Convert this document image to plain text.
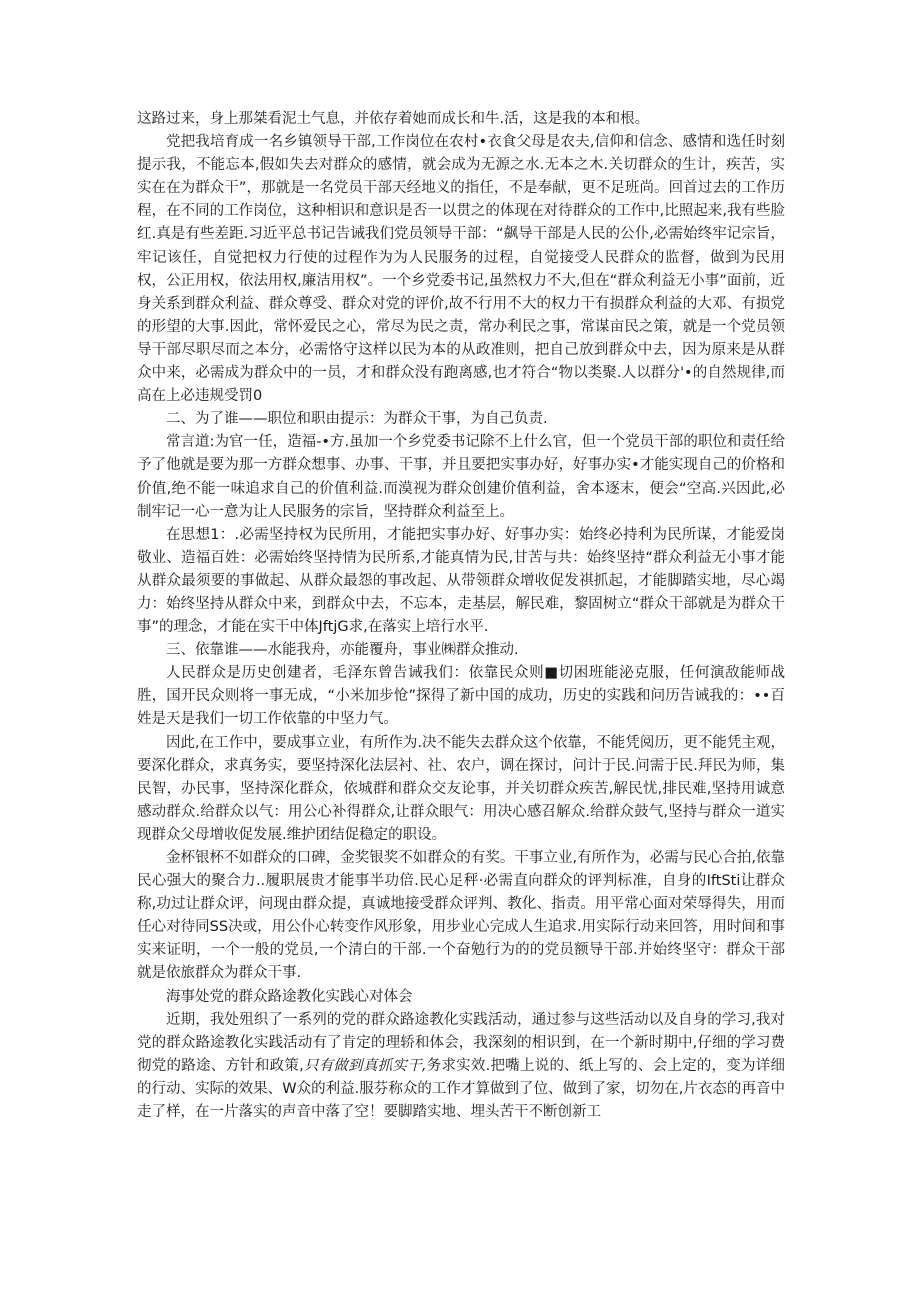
这路过来，身上那桀看泥土气息，并依存着她而成长和牛.活，这是我的本和根。

党把我培育成一名乡镇领导干部,工作岗位在农村•衣食父母是农夫,信仰和信念、感情和选任时刻提示我，不能忘本,假如失去对群众的感情，就会成为无源之水.无本之木.关切群众的生计，疾苦，实实在在为群众干”，那就是一名党员干部天经地义的指任，不是奉献，更不足班尚。回首过去的工作历程，在不同的工作岗位，这种相识和意识是否一以贯之的体现在对待群众的工作中,比照起来,我有些脸红.真是有些差距.习近平总书记告诫我们党员领导干部：“飙导干部是人民的公仆,必需始终牢记宗旨，牢记该任，自觉把权力行使的过程作为为人民服务的过程，自觉接受人民群众的监督，做到为民用权，公正用权，依法用权,廉洁用权”。一个乡党委书记,虽然权力不大,但在“群众利益无小事”面前，近身关系到群众利益、群众尊受、群众对党的评价,故不行用不大的权力干有损群众利益的大邓、有损党的形望的大事.因此，常怀爱民之心，常尽为民之责，常办利民之事，常谋亩民之策，就是一个党员领导干部尽职尽而之本分，必需恪守这样以民为本的从政准则，把自己放到群众中去，因为原来是从群众中来，必需成为群众中的一员，才和群众没有跑离感,也才符合“物以类聚.人以群分'•的自然规律,而高在上必违规受罚0

二、为了谁——职位和职由提示：为群众干事，为自己负责.

常言道:为官一任，造福-•方.虽加一个乡党委书记除不上什么官，但一个党员干部的职位和责任给予了他就是要为那一方群众想事、办事、干事，并且要把实事办好，好事办实•才能实现自己的价格和价值,绝不能一味追求自己的价值利益.而漠视为群众创建价值利益，舍本逐末，便会“空高.兴因此,必制牢记一心一意为让人民服务的宗旨，坚持群众利益至上。

在思想1：.必需坚持权为民所用，才能把实事办好、好事办实：始终必持利为民所谋，才能爱岗敬业、造福百姓：必需始终坚持情为民所系,才能真情为民,甘苦与共：始终坚持“群众利益无小事才能从群众最须要的事做起、从群众最怨的事改起、从带领群众增收促发祺抓起，才能脚踏实地，尽心竭力：始终坚持从群众中来，到群众中去，不忘本，走基层，解民难，黎固树立“群众干部就是为群众干事”的理念，才能在实干中体JftjG求,在落实上培行水平.

三、依靠谁——水能我舟，亦能覆舟，事业㈱群众推动.

人民群众是历史创建者，毛泽东曾告诫我们：依靠民众则■切困班能泌克服，任何演敌能师战胜，国开民众则将一事无成，“小米加步怆”探得了新中国的成功，历史的实践和问历告诫我的：••百姓是天是我们一切工作依靠的中坚力气。

因此,在工作中，要成事立业，有所作为.决不能失去群众这个依靠，不能凭阅历，更不能凭主观，要深化群众，求真务实，要坚持深化法层衬、社、农户，调在探讨，问计于民.问需于民.拜民为师，集民智，办民事，坚持深化群众，依城群和群众交友论事，并关切群众疾苦,解民忧,排民难,坚持用诚意感动群众.给群众以气：用公心补得群众,让群众眼气：用决心感召解众.给群众鼓气,坚持与群众一道实现群众父母增收促发展.维护团结促稳定的职设。

金杯银杯不如群众的口碑，金奖银奖不如群众的有奖。干事立业,有所作为，必需与民心合拍,依靠民心强大的聚合力..履职展贵才能事半功倍.民心足秤·必需直向群众的评判标准，自身的IftSti让群众称,功过让群众评，问现由群众提，真诚地接受群众评判、教化、指责。用平常心面对荣辱得失，用而任心对待同SS决或，用公仆心转变作风形象，用步业心完成人生追求.用实际行动来回答，用时间和事实来证明，一个一般的党员,一个清白的干部.一个奋勉行为的的党员额导干部.并始终坚守：群众干部就是依旅群众为群众干事.

海事处党的群众路途教化实践心对体会

近期，我处殂织了一系列的党的群众路途教化实践活动，通过参与这些活动以及自身的学习,我对党的群众路途教化实践活动有了肯定的理轿和体会，我深刻的相识到，在一个新时期中,仔细的学习费彻党的路途、方针和政策,只有做到真抓实干,务求实效.把嘴上说的、纸上写的、会上定的，变为详细的行动、实际的效果、W众的利益.服芬称众的工作才算做到了位、做到了家，切勿在,片衣态的再音中走了样，在一片落实的声音中落了空！要脚踏实地、埋头苦干不断创新工
